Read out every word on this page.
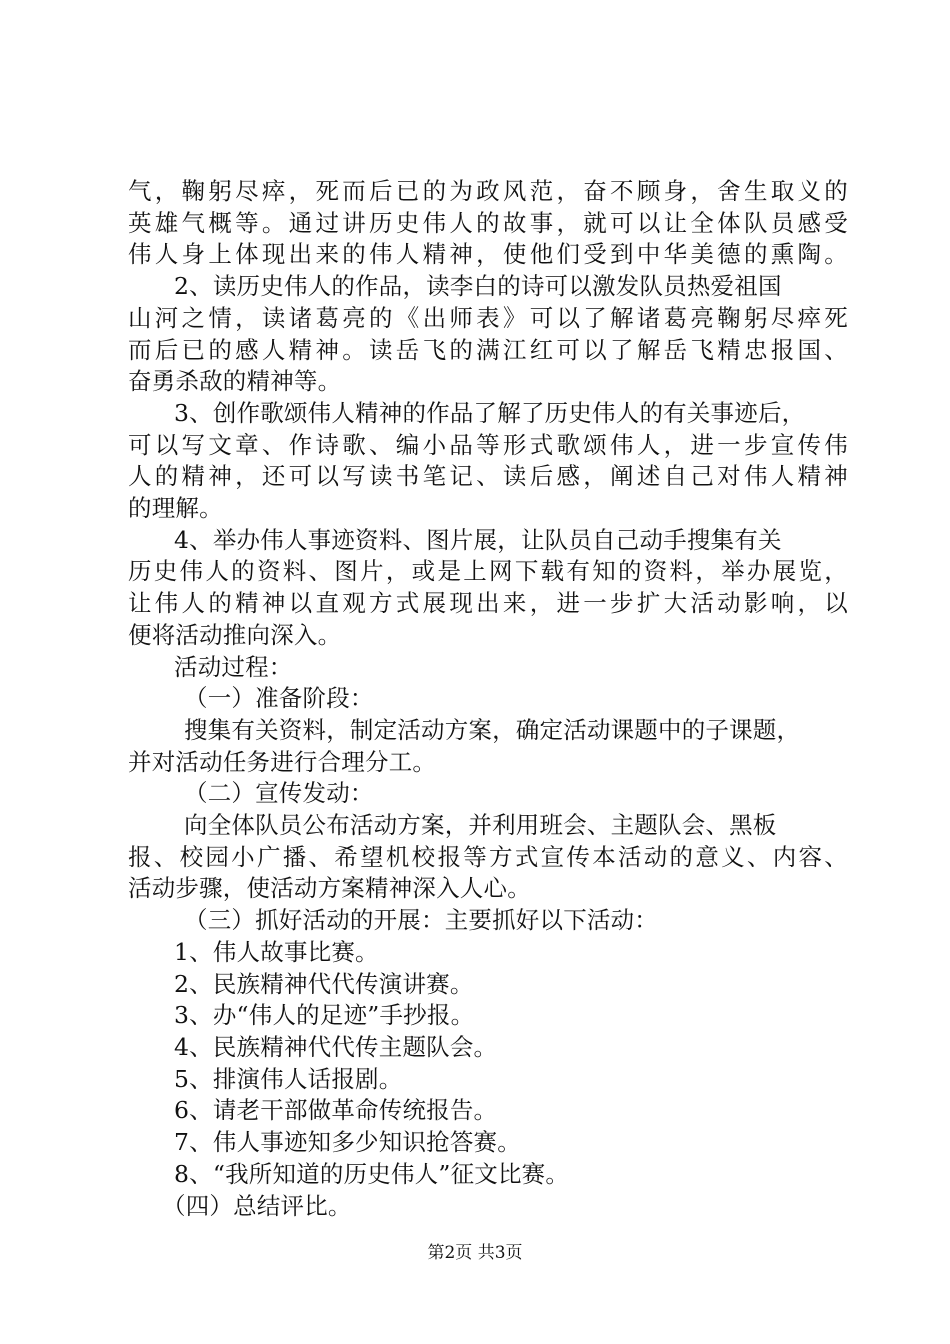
气，鞠躬尽瘁，死而后已的为政风范，奋不顾身，舍生取义的
英雄气概等。通过讲历史伟人的故事，就可以让全体队员感受
伟人身上体现出来的伟人精神，使他们受到中华美德的熏陶。
2、读历史伟人的作品，读李白的诗可以激发队员热爱祖国
山河之情，读诸葛亮的《出师表》可以了解诸葛亮鞠躬尽瘁死
而后已的感人精神。读岳飞的满江红可以了解岳飞精忠报国、
奋勇杀敌的精神等。
3、创作歌颂伟人精神的作品了解了历史伟人的有关事迹后，
可以写文章、作诗歌、编小品等形式歌颂伟人，进一步宣传伟
人的精神，还可以写读书笔记、读后感，阐述自己对伟人精神
的理解。
4、举办伟人事迹资料、图片展，让队员自己动手搜集有关
历史伟人的资料、图片，或是上网下载有知的资料，举办展览，
让伟人的精神以直观方式展现出来，进一步扩大活动影响，以
便将活动推向深入。
活动过程：
（一）准备阶段：
搜集有关资料，制定活动方案，确定活动课题中的子课题，
并对活动任务进行合理分工。
（二）宣传发动：
向全体队员公布活动方案，并利用班会、主题队会、黑板
报、校园小广播、希望机校报等方式宣传本活动的意义、内容、
活动步骤，使活动方案精神深入人心。
（三）抓好活动的开展：主要抓好以下活动：
1、伟人故事比赛。
2、民族精神代代传演讲赛。
3、办“伟人的足迹”手抄报。
4、民族精神代代传主题队会。
5、排演伟人话报剧。
6、请老干部做革命传统报告。
7、伟人事迹知多少知识抢答赛。
8、“我所知道的历史伟人”征文比赛。
（四）总结评比。
第2页 共3页
